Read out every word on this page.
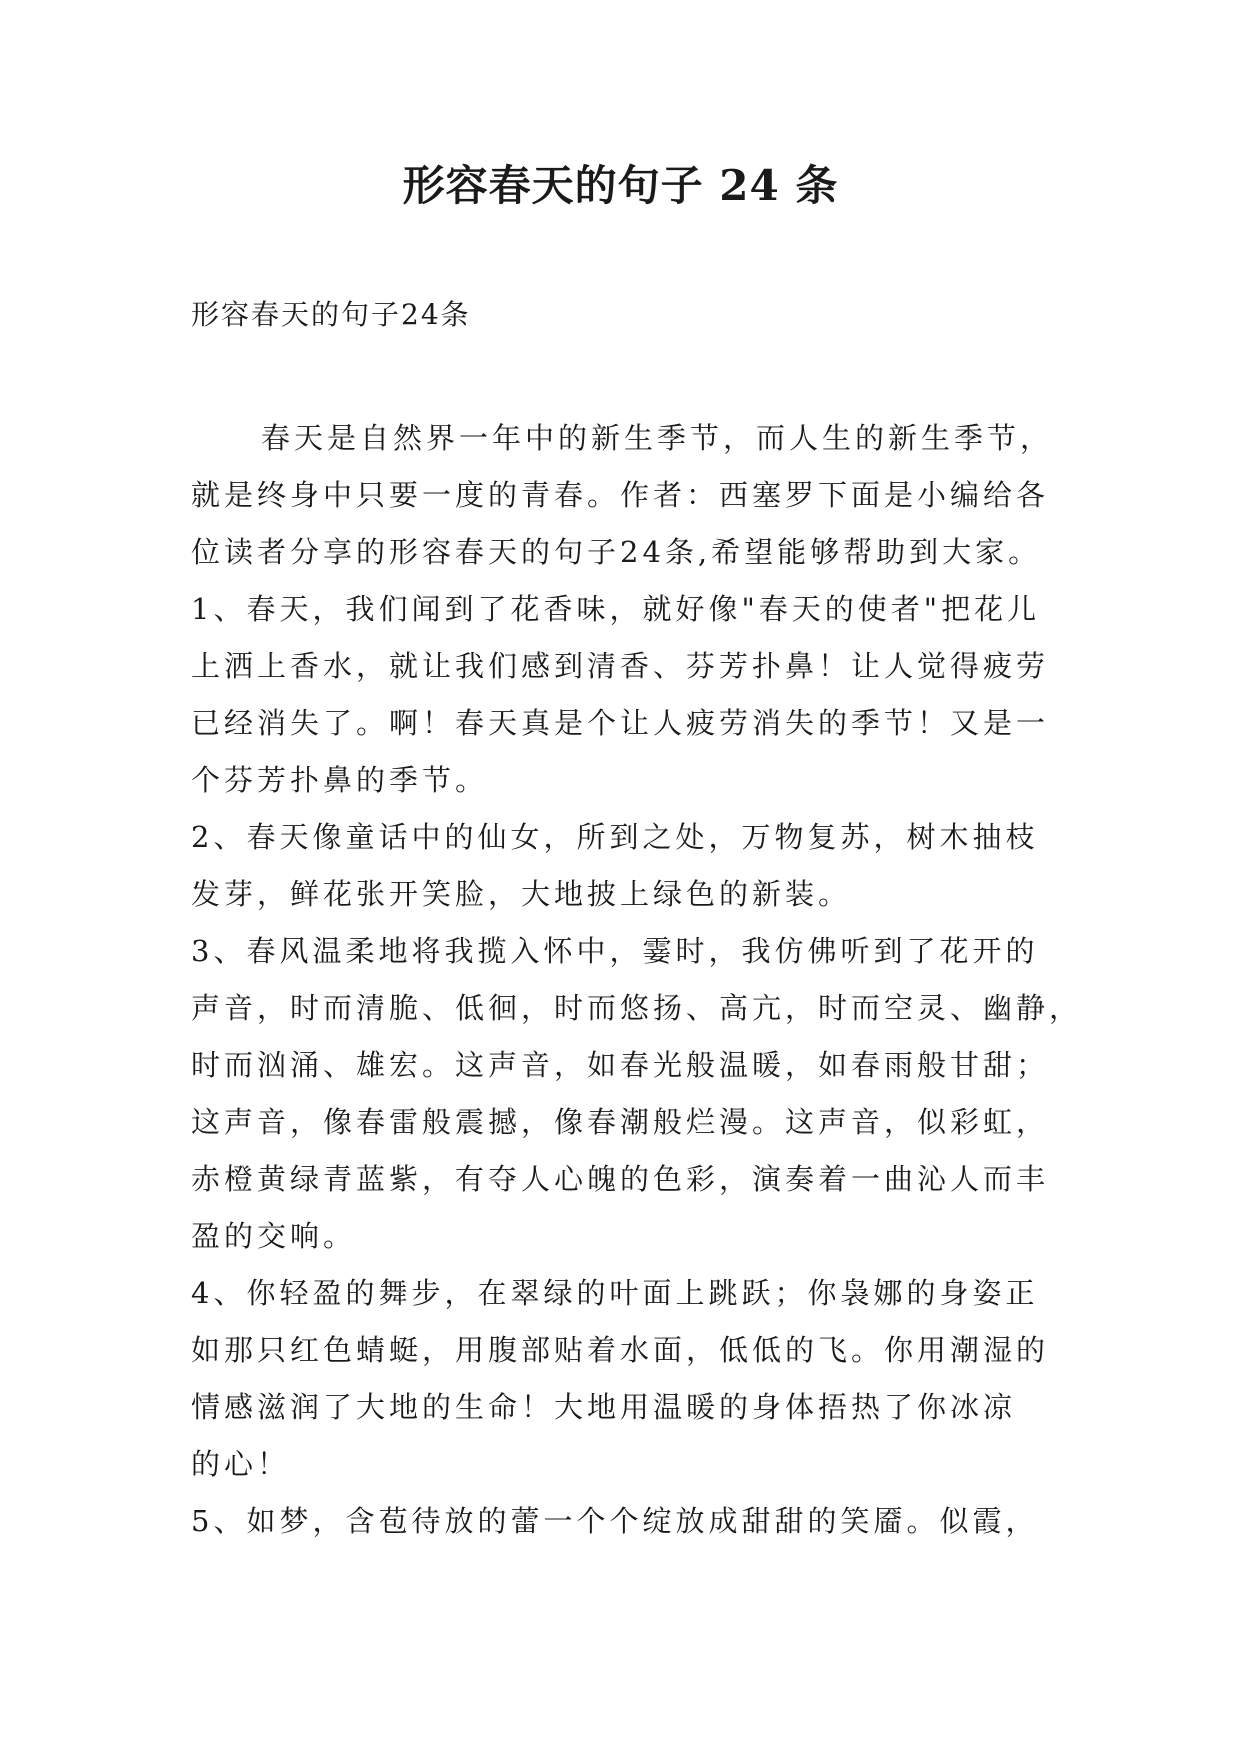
形容春天的句子 24 条
形容春天的句子24条
春天是自然界一年中的新生季节，而人生的新生季节，
就是终身中只要一度的青春。作者：西塞罗下面是小编给各
位读者分享的形容春天的句子24条,希望能够帮助到大家。
1、春天，我们闻到了花香味，就好像"春天的使者"把花儿
上洒上香水，就让我们感到清香、芬芳扑鼻！让人觉得疲劳
已经消失了。啊！春天真是个让人疲劳消失的季节！又是一
个芬芳扑鼻的季节。
2、春天像童话中的仙女，所到之处，万物复苏，树木抽枝
发芽，鲜花张开笑脸，大地披上绿色的新装。
3、春风温柔地将我揽入怀中，霎时，我仿佛听到了花开的
声音，时而清脆、低徊，时而悠扬、高亢，时而空灵、幽静，
时而汹涌、雄宏。这声音，如春光般温暖，如春雨般甘甜；
这声音，像春雷般震撼，像春潮般烂漫。这声音，似彩虹，
赤橙黄绿青蓝紫，有夺人心魄的色彩，演奏着一曲沁人而丰
盈的交响。
4、你轻盈的舞步，在翠绿的叶面上跳跃；你袅娜的身姿正
如那只红色蜻蜓，用腹部贴着水面，低低的飞。你用潮湿的
情感滋润了大地的生命！大地用温暖的身体捂热了你冰凉
的心！
5、如梦，含苞待放的蕾一个个绽放成甜甜的笑靥。似霞，
